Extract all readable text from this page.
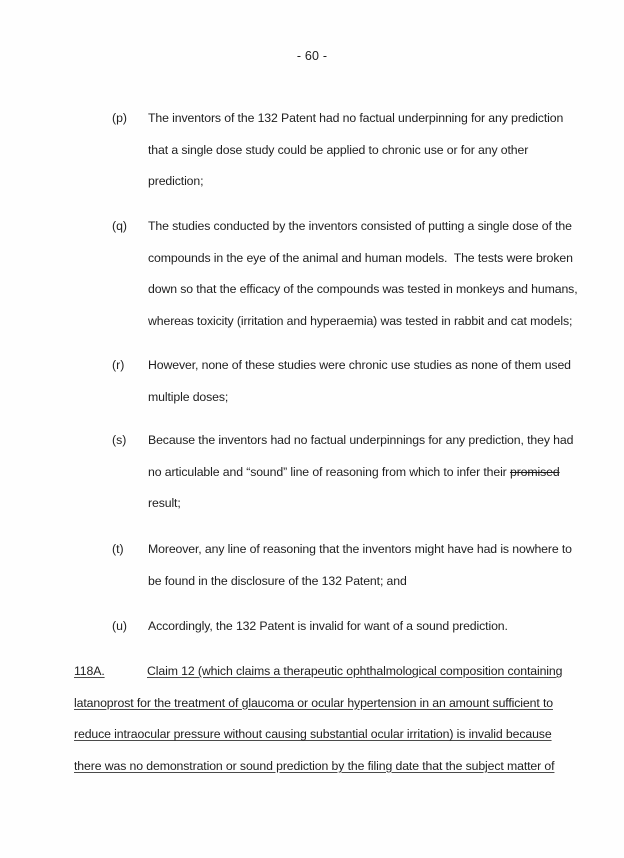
- 60 -
(p) The inventors of the 132 Patent had no factual underpinning for any prediction
that a single dose study could be applied to chronic use or for any other
prediction;
(q) The studies conducted by the inventors consisted of putting a single dose of the
compounds in the eye of the animal and human models.  The tests were broken
down so that the efficacy of the compounds was tested in monkeys and humans,
whereas toxicity (irritation and hyperaemia) was tested in rabbit and cat models;
(r) However, none of these studies were chronic use studies as none of them used
multiple doses;
(s) Because the inventors had no factual underpinnings for any prediction, they had
no articulable and “sound” line of reasoning from which to infer their promised
result;
(t) Moreover, any line of reasoning that the inventors might have had is nowhere to
be found in the disclosure of the 132 Patent; and
(u) Accordingly, the 132 Patent is invalid for want of a sound prediction.
118A.	Claim 12 (which claims a therapeutic ophthalmological composition containing
latanoprost for the treatment of glaucoma or ocular hypertension in an amount sufficient to
reduce intraocular pressure without causing substantial ocular irritation) is invalid because
there was no demonstration or sound prediction by the filing date that the subject matter of
